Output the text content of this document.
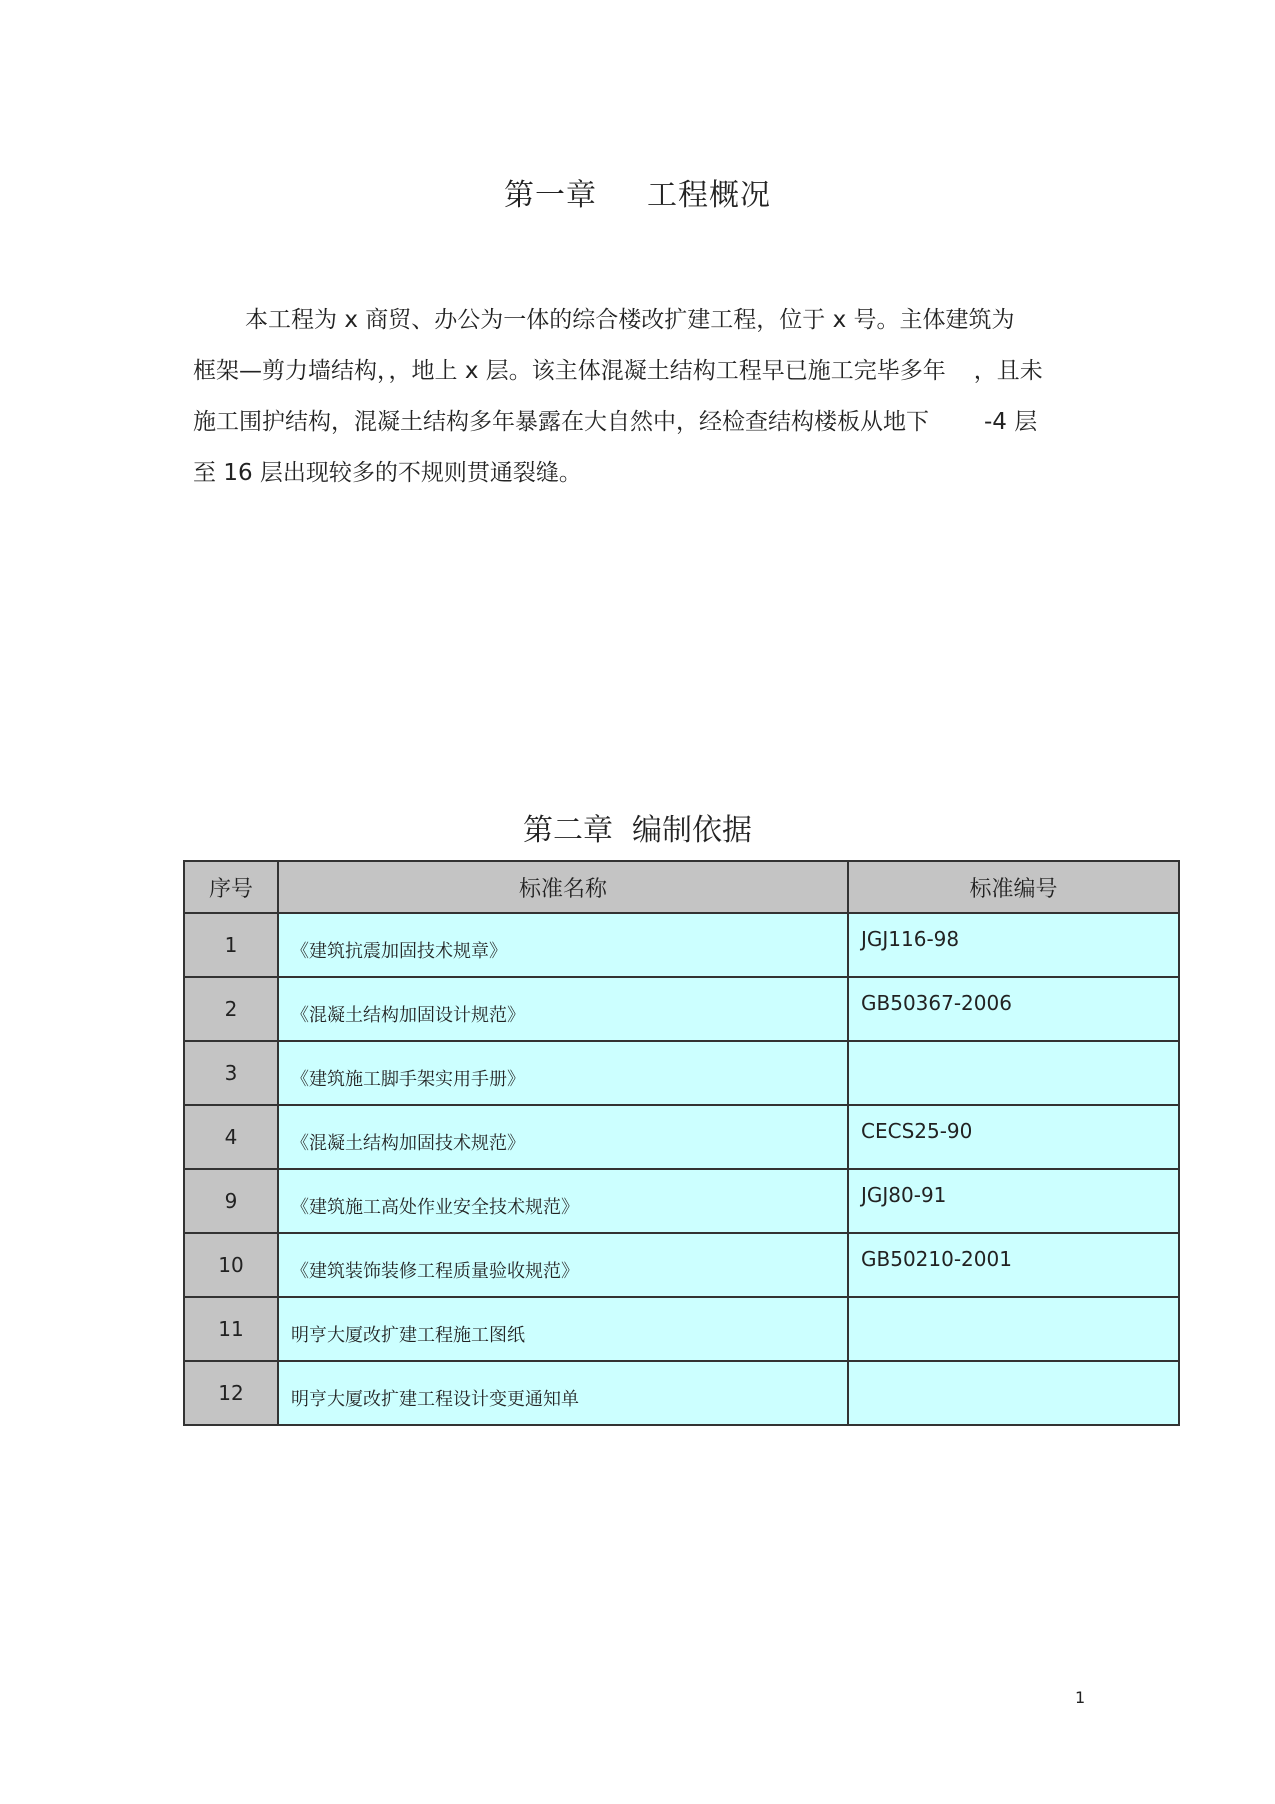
第一章 工程概况
本工程为 x 商贸、办公为一体的综合楼改扩建工程，位于 x 号。主体建筑为
框架—剪力墙结构，，地上 x 层。该主体混凝土结构工程早已施工完毕多年 ，且未
施工围护结构，混凝土结构多年暴露在大自然中，经检查结构楼板从地下 -4 层
至 16 层出现较多的不规则贯通裂缝。
第二章  编制依据
序号	标准名称	标准编号
1	《建筑抗震加固技术规章》	JGJ116-98
2	《混凝土结构加固设计规范》	GB50367-2006
3	《建筑施工脚手架实用手册》	
4	《混凝土结构加固技术规范》	CECS25-90
9	《建筑施工高处作业安全技术规范》	JGJ80-91
10	《建筑装饰装修工程质量验收规范》	GB50210-2001
11	明亨大厦改扩建工程施工图纸	
12	明亨大厦改扩建工程设计变更通知单	
1
